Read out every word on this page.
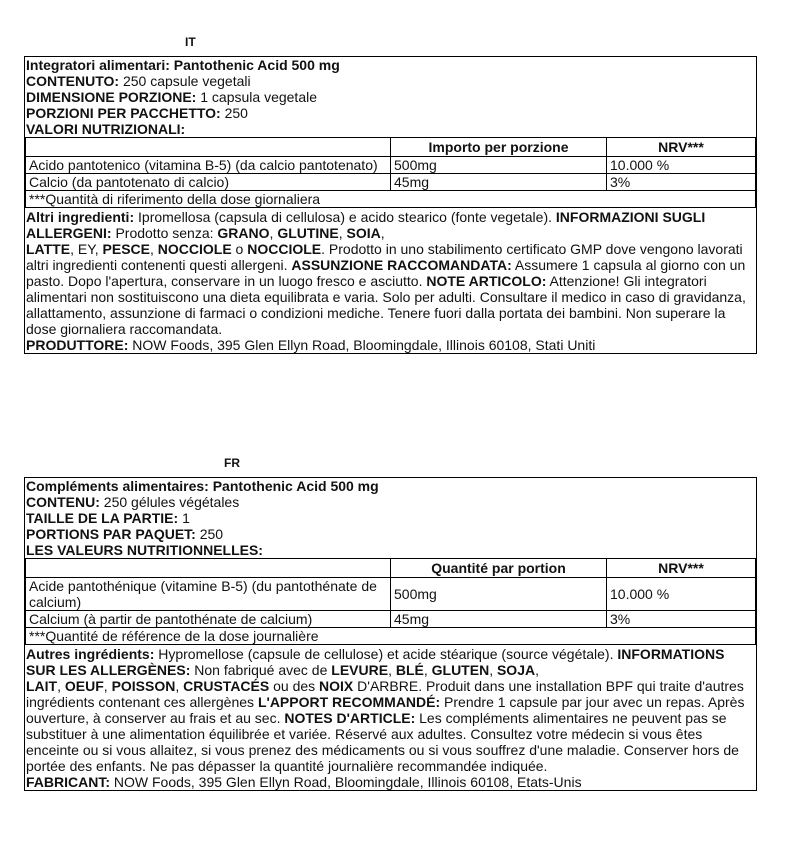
IT
Integratori alimentari: Pantothenic Acid 500 mg
CONTENUTO: 250 capsule vegetali
DIMENSIONE PORZIONE: 1 capsula vegetale
PORZIONI PER PACCHETTO: 250
VALORI NUTRIZIONALI:
	Importo per porzione	NRV***
Acido pantotenico (vitamina B-5) (da calcio pantotenato)	500mg	10.000 %
Calcio (da pantotenato di calcio)	45mg	3%
***Quantità di riferimento della dose giornaliera		

Altri ingredienti: Ipromellosa (capsula di cellulosa) e acido stearico (fonte vegetale). INFORMAZIONI SUGLI ALLERGENI: Prodotto senza: GRANO, GLUTINE, SOIA,
LATTE, EY, PESCE, NOCCIOLE o NOCCIOLE. Prodotto in uno stabilimento certificato GMP dove vengono lavorati altri ingredienti contenenti questi allergeni. ASSUNZIONE RACCOMANDATA: Assumere 1 capsula al giorno con un pasto. Dopo l'apertura, conservare in un luogo fresco e asciutto. NOTE ARTICOLO: Attenzione! Gli integratori alimentari non sostituiscono una dieta equilibrata e varia. Solo per adulti. Consultare il medico in caso di gravidanza, allattamento, assunzione di farmaci o condizioni mediche. Tenere fuori dalla portata dei bambini. Non superare la dose giornaliera raccomandata.
PRODUTTORE: NOW Foods, 395 Glen Ellyn Road, Bloomingdale, Illinois 60108, Stati Uniti

FR
Compléments alimentaires: Pantothenic Acid 500 mg
CONTENU: 250 gélules végétales
TAILLE DE LA PARTIE: 1
PORTIONS PAR PAQUET: 250
LES VALEURS NUTRITIONNELLES:
	Quantité par portion	NRV***
Acide pantothénique (vitamine B-5) (du pantothénate de calcium)	500mg	10.000 %
Calcium (à partir de pantothénate de calcium)	45mg	3%
***Quantité de référence de la dose journalière		

Autres ingrédients: Hypromellose (capsule de cellulose) et acide stéarique (source végétale). INFORMATIONS SUR LES ALLERGÈNES: Non fabriqué avec de LEVURE, BLÉ, GLUTEN, SOJA,
LAIT, OEUF, POISSON, CRUSTACÉS ou des NOIX D'ARBRE. Produit dans une installation BPF qui traite d'autres ingrédients contenant ces allergènes L'APPORT RECOMMANDÉ: Prendre 1 capsule par jour avec un repas. Après ouverture, à conserver au frais et au sec. NOTES D'ARTICLE: Les compléments alimentaires ne peuvent pas se substituer à une alimentation équilibrée et variée. Réservé aux adultes. Consultez votre médecin si vous êtes enceinte ou si vous allaitez, si vous prenez des médicaments ou si vous souffrez d'une maladie. Conserver hors de portée des enfants. Ne pas dépasser la quantité journalière recommandée indiquée.
FABRICANT: NOW Foods, 395 Glen Ellyn Road, Bloomingdale, Illinois 60108, Etats-Unis
